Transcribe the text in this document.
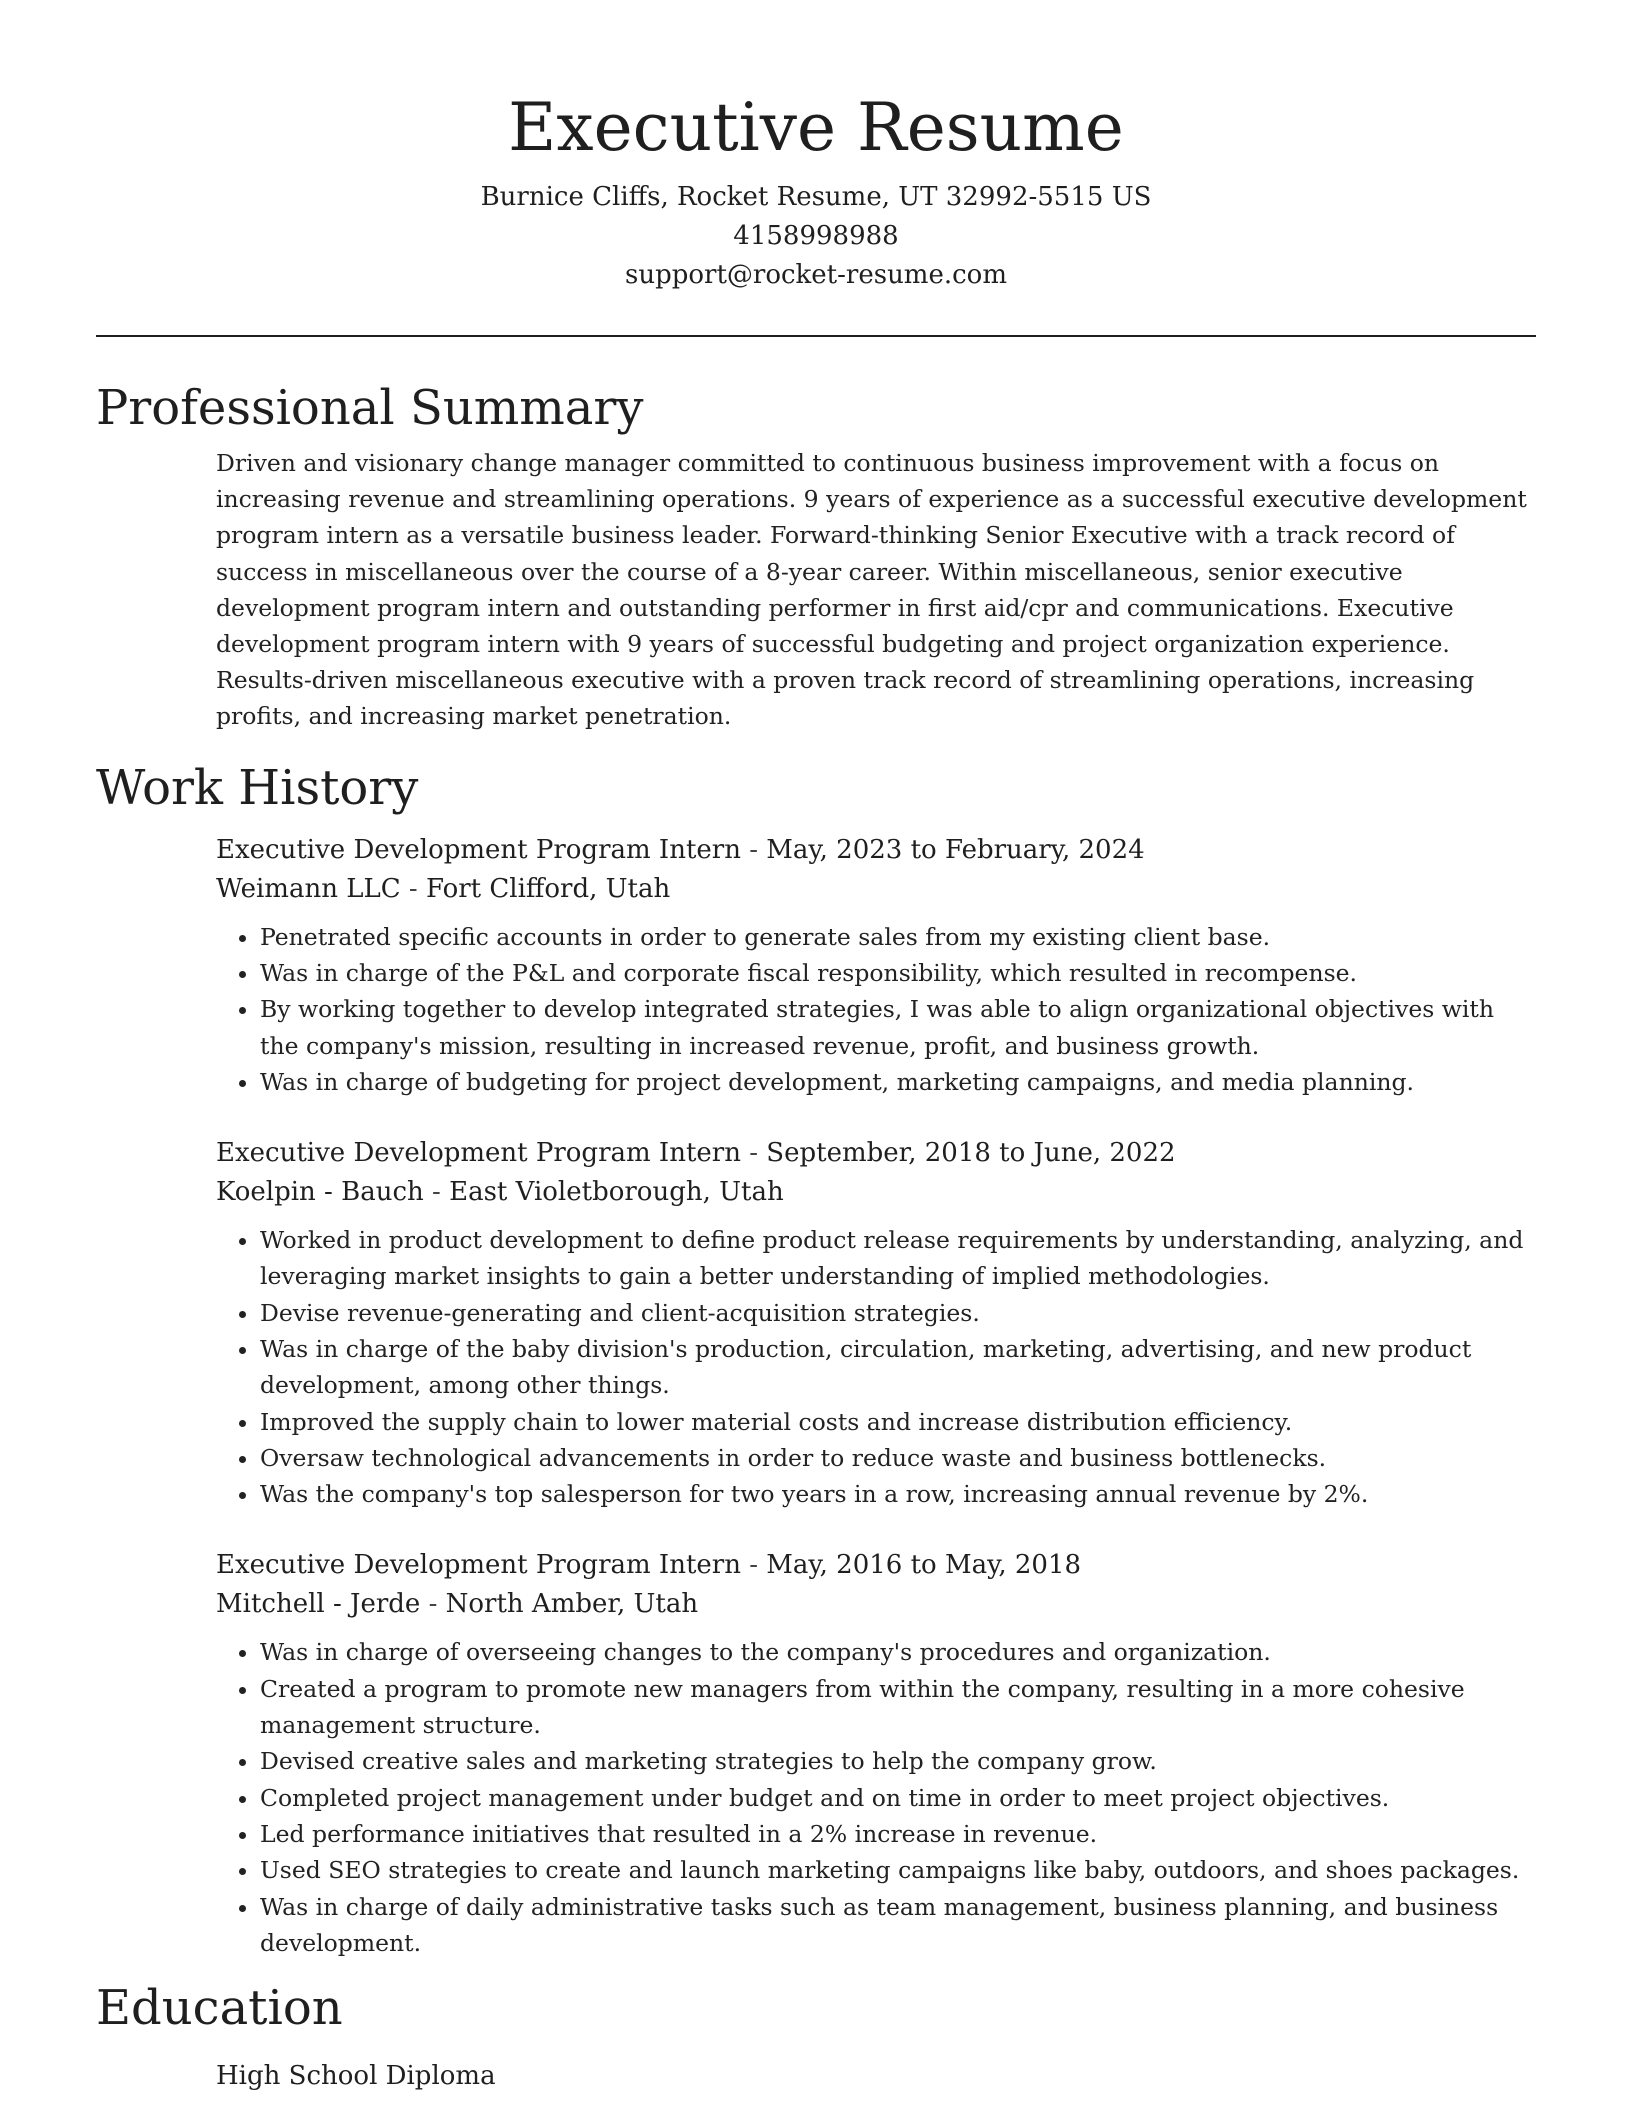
Executive Resume

Burnice Cliffs, Rocket Resume, UT 32992-5515 US

4158998988

support@rocket-resume.com

Professional Summary

Driven and visionary change manager committed to continuous business improvement with a focus on increasing revenue and streamlining operations. 9 years of experience as a successful executive development program intern as a versatile business leader. Forward-thinking Senior Executive with a track record of success in miscellaneous over the course of a 8-year career. Within miscellaneous, senior executive development program intern and outstanding performer in first aid/cpr and communications. Executive development program intern with 9 years of successful budgeting and project organization experience. Results-driven miscellaneous executive with a proven track record of streamlining operations, increasing profits, and increasing market penetration.

Work History

Executive Development Program Intern - May, 2023 to February, 2024

Weimann LLC - Fort Clifford, Utah

• Penetrated specific accounts in order to generate sales from my existing client base.
• Was in charge of the P&L and corporate fiscal responsibility, which resulted in recompense.
• By working together to develop integrated strategies, I was able to align organizational objectives with the company's mission, resulting in increased revenue, profit, and business growth.
• Was in charge of budgeting for project development, marketing campaigns, and media planning.

Executive Development Program Intern - September, 2018 to June, 2022

Koelpin - Bauch - East Violetborough, Utah

• Worked in product development to define product release requirements by understanding, analyzing, and leveraging market insights to gain a better understanding of implied methodologies.
• Devise revenue-generating and client-acquisition strategies.
• Was in charge of the baby division's production, circulation, marketing, advertising, and new product development, among other things.
• Improved the supply chain to lower material costs and increase distribution efficiency.
• Oversaw technological advancements in order to reduce waste and business bottlenecks.
• Was the company's top salesperson for two years in a row, increasing annual revenue by 2%.

Executive Development Program Intern - May, 2016 to May, 2018

Mitchell - Jerde - North Amber, Utah

• Was in charge of overseeing changes to the company's procedures and organization.
• Created a program to promote new managers from within the company, resulting in a more cohesive management structure.
• Devised creative sales and marketing strategies to help the company grow.
• Completed project management under budget and on time in order to meet project objectives.
• Led performance initiatives that resulted in a 2% increase in revenue.
• Used SEO strategies to create and launch marketing campaigns like baby, outdoors, and shoes packages.
• Was in charge of daily administrative tasks such as team management, business planning, and business development.
Education

High School Diploma
